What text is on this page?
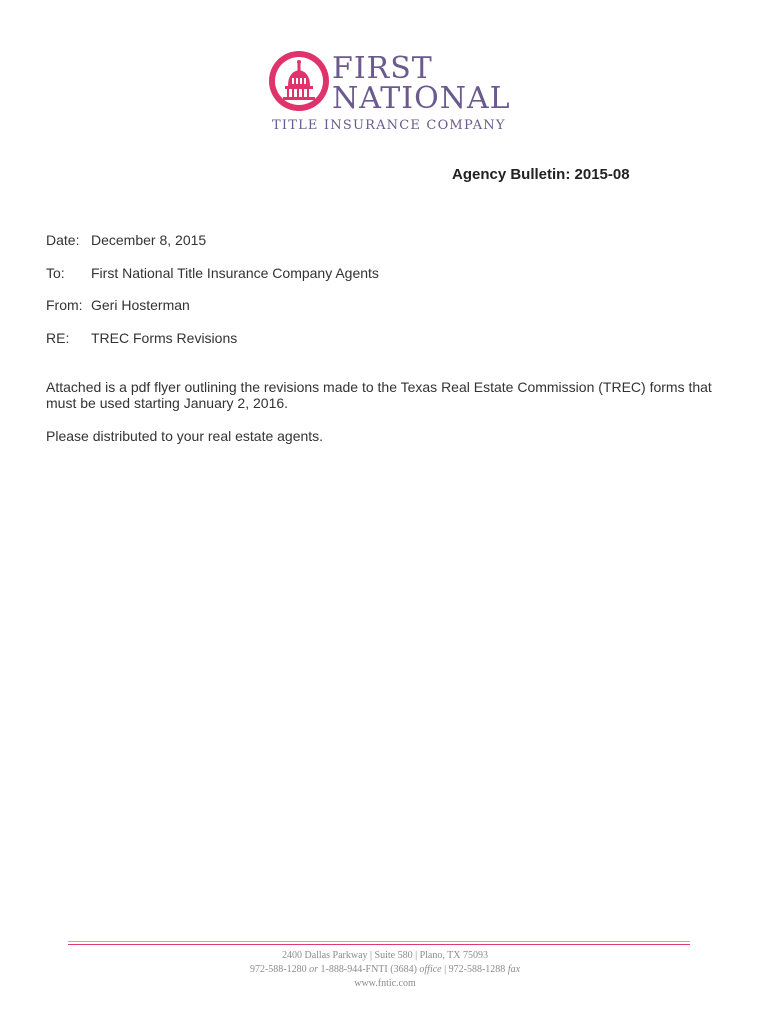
FIRST
NATIONAL
TITLE INSURANCE COMPANY
Agency Bulletin: 2015-08
Date: December 8, 2015
To: First National Title Insurance Company Agents
From: Geri Hosterman
RE: TREC Forms Revisions
Attached is a pdf flyer outlining the revisions made to the Texas Real Estate Commission (TREC) forms that must be used starting January 2, 2016.
Please distributed to your real estate agents.
2400 Dallas Parkway | Suite 580 | Plano, TX 75093
972-588-1280 or 1-888-944-FNTI (3684) office | 972-588-1288 fax
www.fntic.com
